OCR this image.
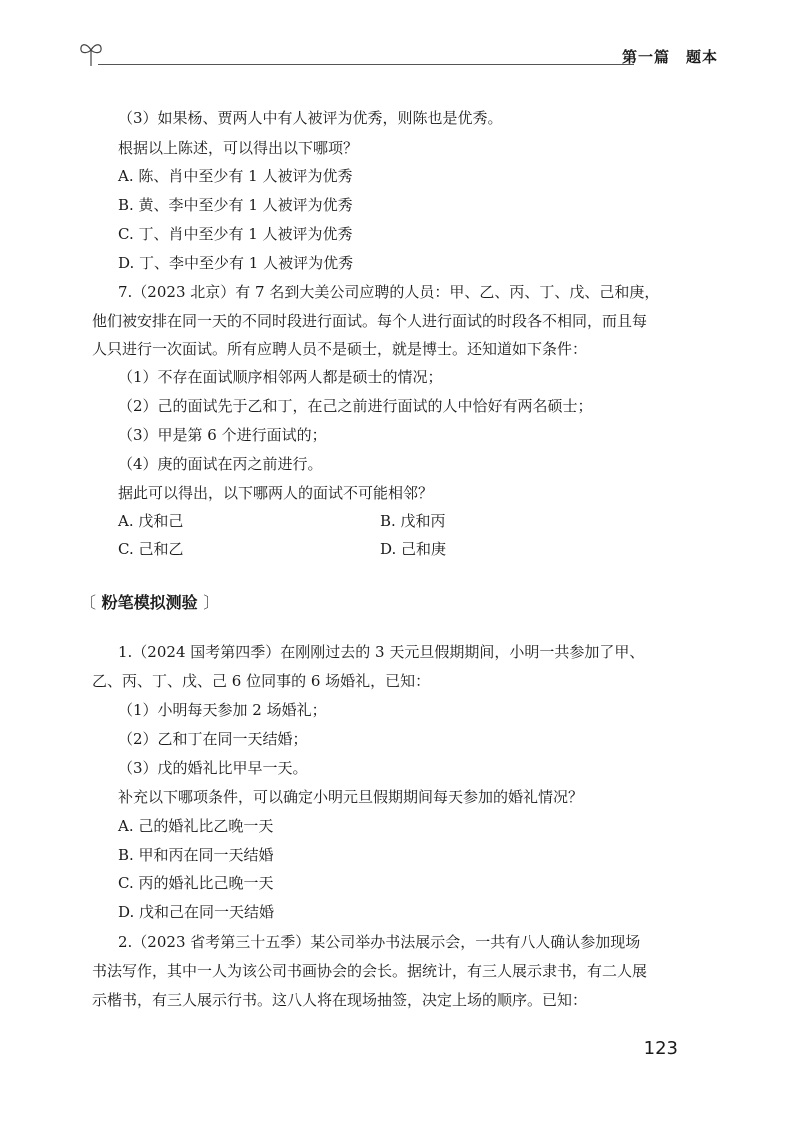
第一篇　题本
（3）如果杨、贾两人中有人被评为优秀，则陈也是优秀。
根据以上陈述，可以得出以下哪项？
A. 陈、肖中至少有 1 人被评为优秀
B. 黄、李中至少有 1 人被评为优秀
C. 丁、肖中至少有 1 人被评为优秀
D. 丁、李中至少有 1 人被评为优秀
7.（2023 北京）有 7 名到大美公司应聘的人员：甲、乙、丙、丁、戊、己和庚，
他们被安排在同一天的不同时段进行面试。每个人进行面试的时段各不相同，而且每
人只进行一次面试。所有应聘人员不是硕士，就是博士。还知道如下条件：
（1）不存在面试顺序相邻两人都是硕士的情况；
（2）己的面试先于乙和丁，在己之前进行面试的人中恰好有两名硕士；
（3）甲是第 6 个进行面试的；
（4）庚的面试在丙之前进行。
据此可以得出，以下哪两人的面试不可能相邻？
A. 戊和己	B. 戊和丙
C. 己和乙	D. 己和庚
〔 粉笔模拟测验 〕
1.（2024 国考第四季）在刚刚过去的 3 天元旦假期期间，小明一共参加了甲、
乙、丙、丁、戊、己 6 位同事的 6 场婚礼，已知：
（1）小明每天参加 2 场婚礼；
（2）乙和丁在同一天结婚；
（3）戊的婚礼比甲早一天。
补充以下哪项条件，可以确定小明元旦假期期间每天参加的婚礼情况？
A. 己的婚礼比乙晚一天
B. 甲和丙在同一天结婚
C. 丙的婚礼比己晚一天
D. 戊和己在同一天结婚
2.（2023 省考第三十五季）某公司举办书法展示会，一共有八人确认参加现场
书法写作，其中一人为该公司书画协会的会长。据统计，有三人展示隶书，有二人展
示楷书，有三人展示行书。这八人将在现场抽签，决定上场的顺序。已知：
123
